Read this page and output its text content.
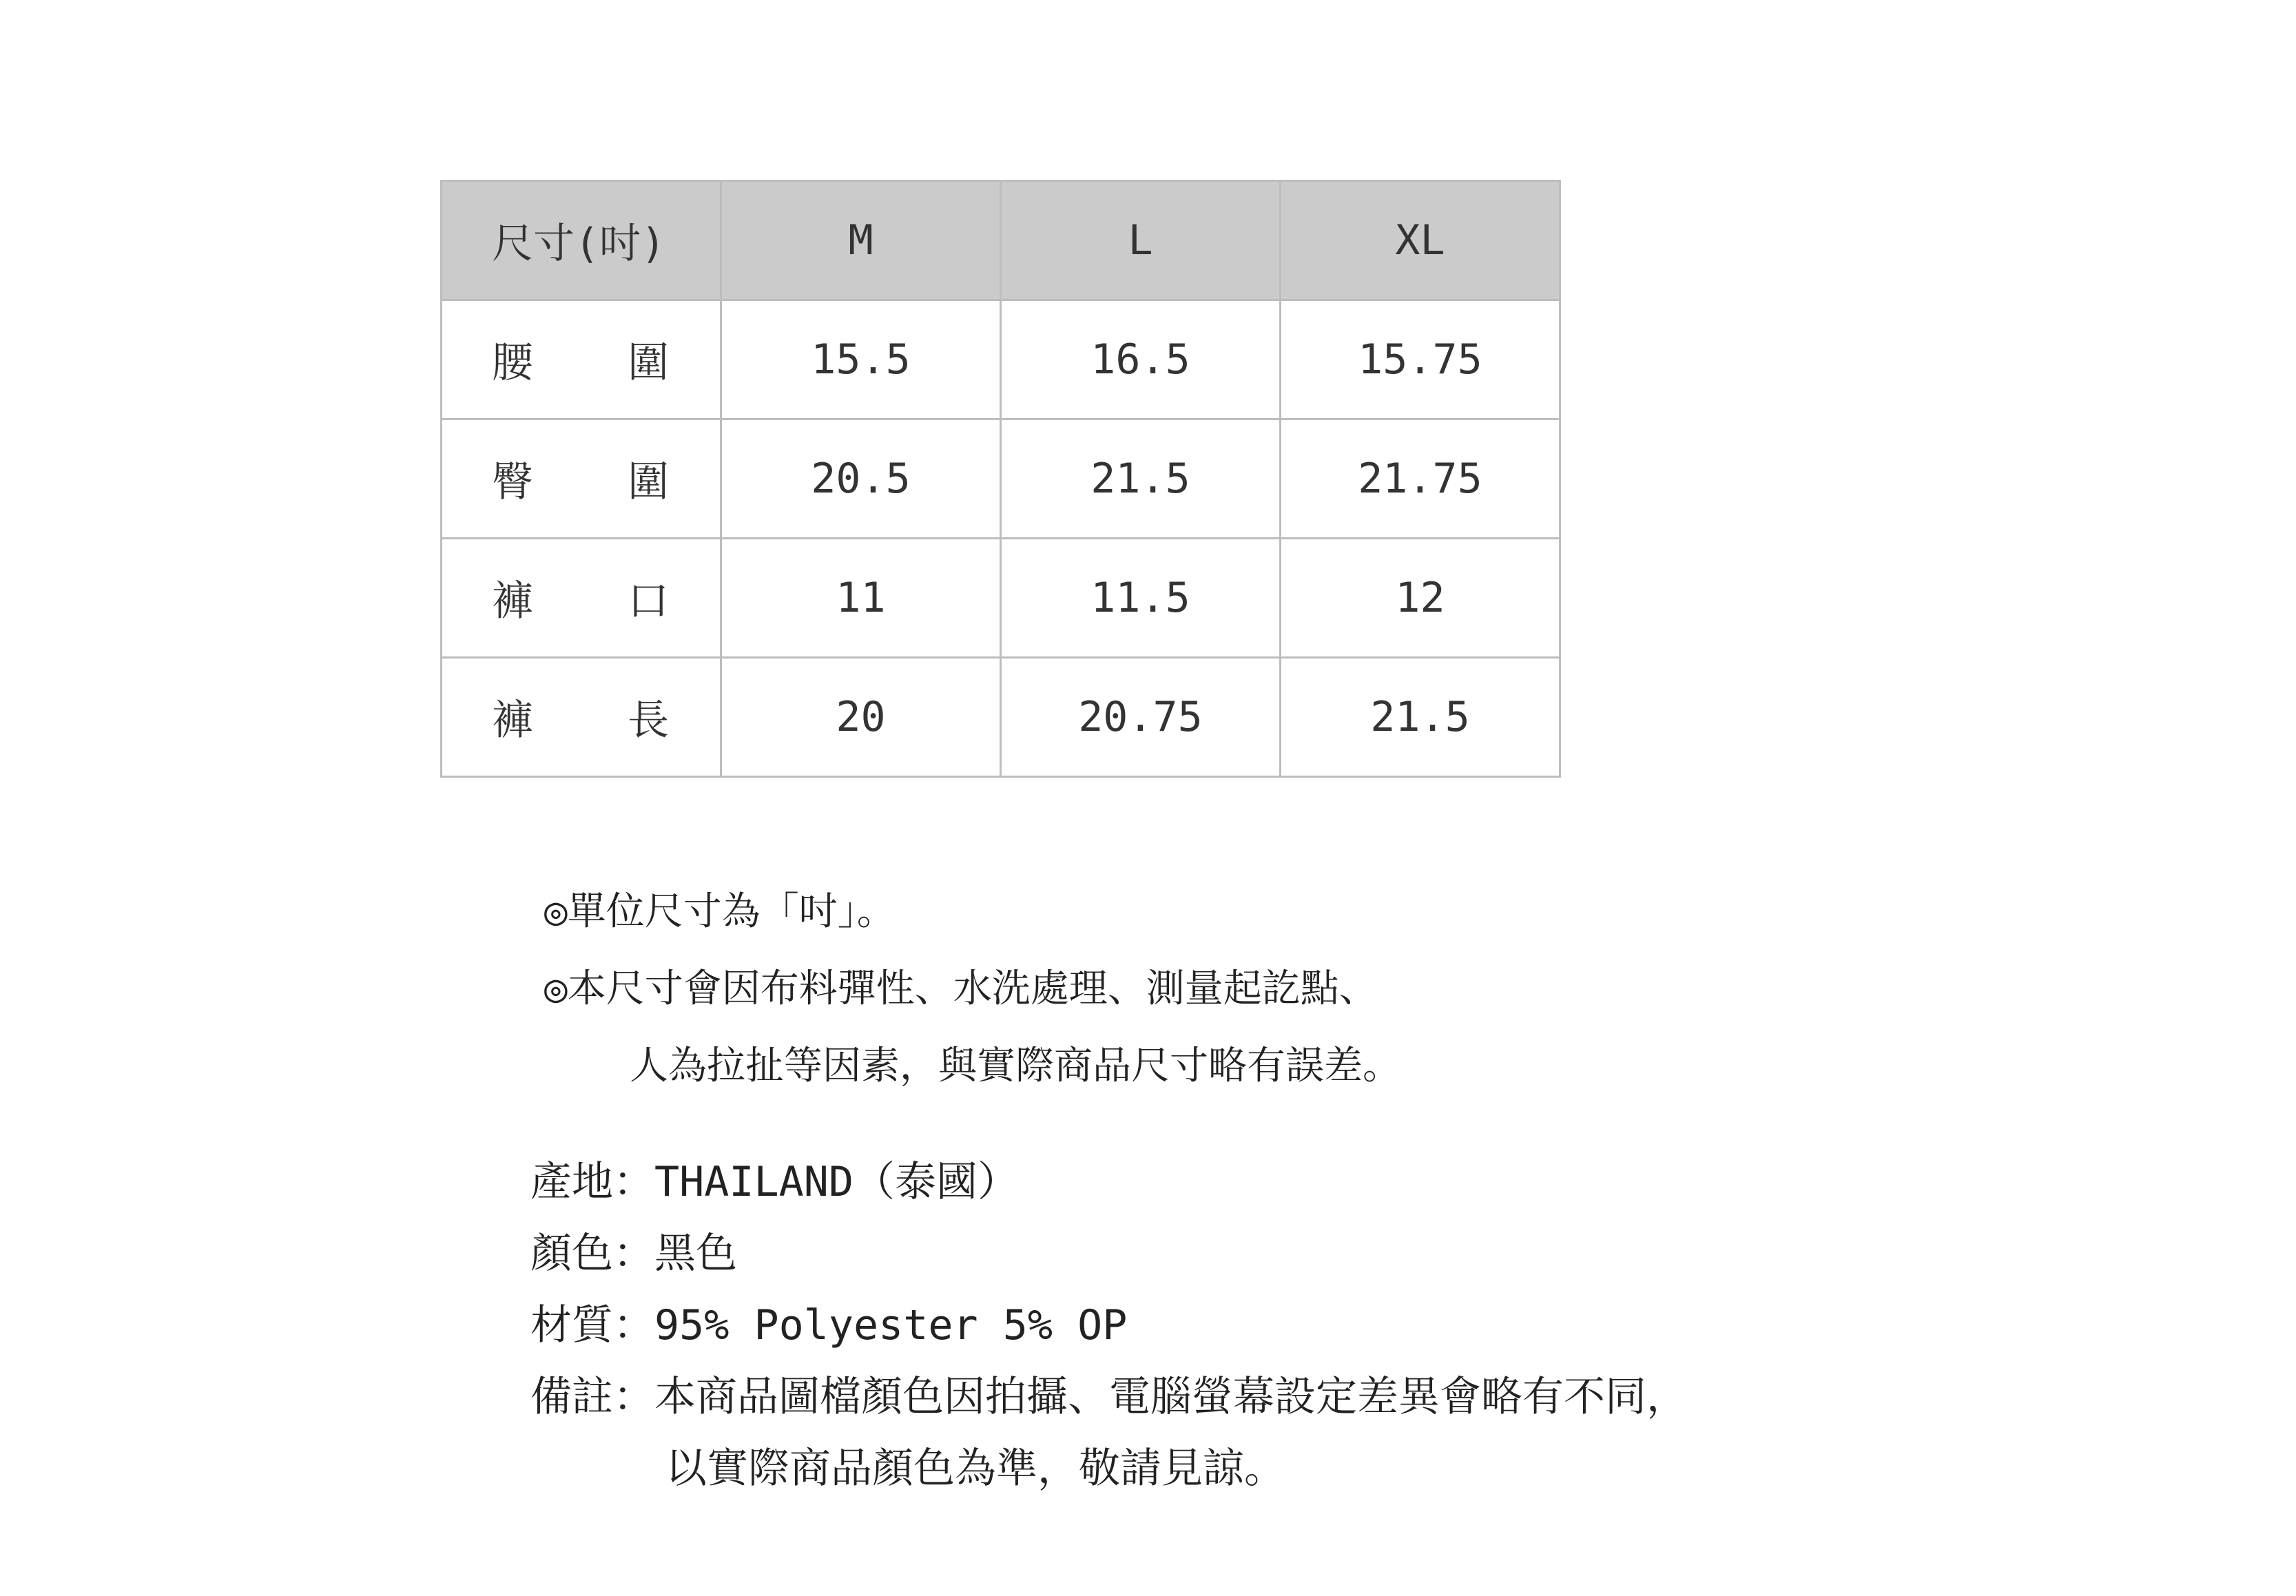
尺寸(吋)	M	L	XL

腰 圍	15.5	16.5	15.75

臀 圍	20.5	21.5	21.75

褲 口	11	11.5	12

褲 長	20	20.75	21.5
◎單位尺寸為「吋」。
◎本尺寸會因布料彈性、水洗處理、測量起訖點、
人為拉扯等因素，與實際商品尺寸略有誤差。
產地：THAILAND（泰國）
顏色：黑色
材質：95% Polyester 5% OP
備註：本商品圖檔顏色因拍攝、電腦螢幕設定差異會略有不同，
以實際商品顏色為準，敬請見諒。
